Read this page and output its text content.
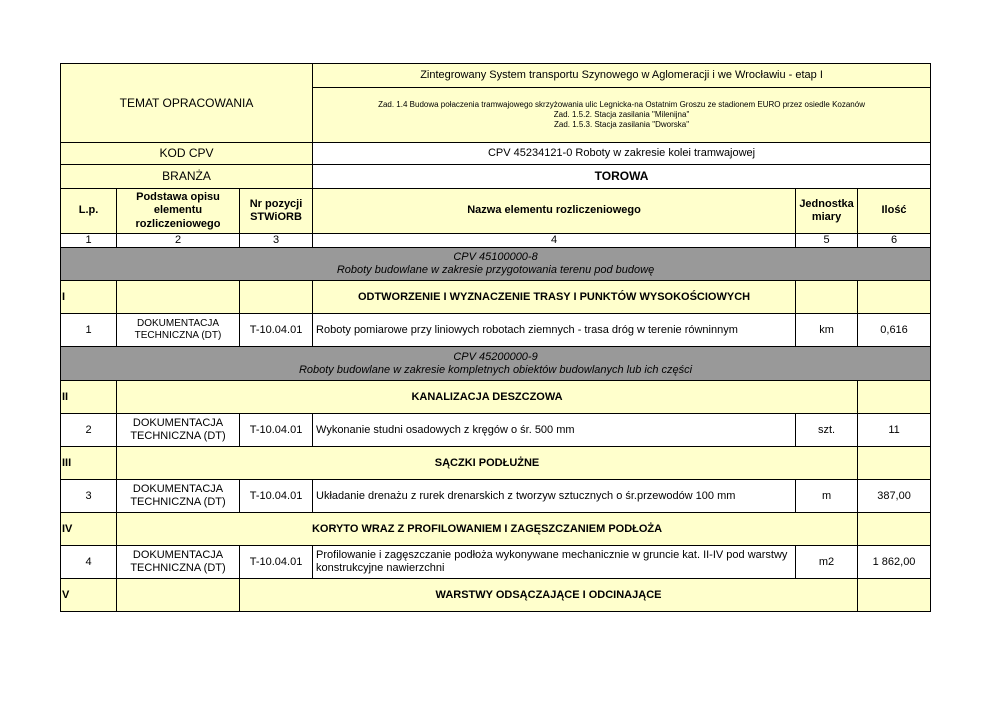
TEMAT OPRACOWANIA			Zintegrowany System transportu Szynowego w Aglomeracji i we Wrocławiu - etap I		

			Zad. 1.4 Budowa połaczenia tramwajowego skrzyżowania ulic Legnicka-na Ostatnim Groszu ze stadionem EURO przez osiedle Kozanów
Zad. 1.5.2. Stacja zasilania "Milenijna"
Zad. 1.5.3. Stacja zasilania "Dworska"		

KOD CPV			CPV 45234121-0 Roboty w zakresie kolei tramwajowej		
BRANŻA			TOROWA		
L.p.	Podstawa opisu elementu rozliczeniowego	Nr pozycji STWiORB	Nazwa elementu rozliczeniowego	Jednostka miary	Ilość
1	2	3	4	5	6

CPV 45100000-8
Roboty budowlane w zakresie przygotowania terenu pod budowę					

I			ODTWORZENIE I WYZNACZENIE TRASY I PUNKTÓW WYSOKOŚCIOWYCH		
1	DOKUMENTACJA TECHNICZNA (DT)	T-10.04.01	Roboty pomiarowe przy liniowych robotach ziemnych - trasa dróg w terenie równinnym	km	0,616

CPV 45200000-9
Roboty budowlane w zakresie kompletnych obiektów budowlanych lub ich części					

II	KANALIZACJA DESZCZOWA				
2	DOKUMENTACJA TECHNICZNA (DT)	T-10.04.01	Wykonanie studni osadowych z kręgów o śr. 500 mm	szt.	11
III	SĄCZKI PODŁUŻNE				
3	DOKUMENTACJA TECHNICZNA (DT)	T-10.04.01	Układanie drenażu z rurek drenarskich z tworzyw sztucznych o śr.przewodów 100 mm	m	387,00
IV	KORYTO WRAZ Z PROFILOWANIEM I ZAGĘSZCZANIEM PODŁOŻA				
4	DOKUMENTACJA TECHNICZNA (DT)	T-10.04.01	Profilowanie i zagęszczanie podłoża wykonywane mechanicznie w gruncie kat. II-IV pod warstwy konstrukcyjne nawierzchni	m2	1 862,00
V		WARSTWY ODSĄCZAJĄCE I ODCINAJĄCE			
